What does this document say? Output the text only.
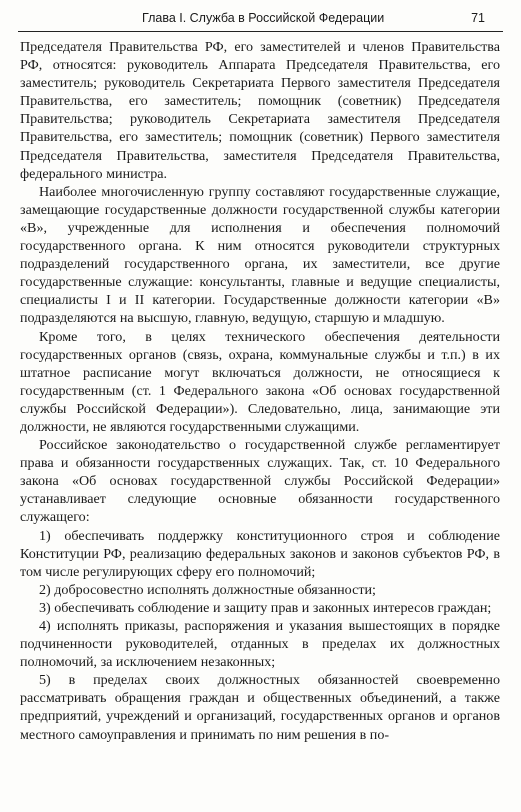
Глава I. Служба в Российской Федерации	71

Председателя Правительства РФ, его заместителей и членов Правительства РФ, относятся: руководитель Аппарата Председателя Правительства, его заместитель; руководитель Секретариата Первого заместителя Председателя Правительства, его заместитель; помощник (советник) Председателя Правительства; руководитель Секретариата заместителя Председателя Правительства, его заместитель; помощник (советник) Первого заместителя Председателя Правительства, заместителя Председателя Правительства, федерального министра.

Наиболее многочисленную группу составляют государственные служащие, замещающие государственные должности государственной службы категории «В», учрежденные для исполнения и обеспечения полномочий государственного органа. К ним относятся руководители структурных подразделений государственного органа, их заместители, все другие государственные служащие: консультанты, главные и ведущие специалисты, специалисты I и II категории. Государственные должности категории «В» подразделяются на высшую, главную, ведущую, старшую и младшую.

Кроме того, в целях технического обеспечения деятельности государственных органов (связь, охрана, коммунальные службы и т.п.) в их штатное расписание могут включаться должности, не относящиеся к государственным (ст. 1 Федерального закона «Об основах государственной службы Российской Федерации»). Следовательно, лица, занимающие эти должности, не являются государственными служащими.

Российское законодательство о государственной службе регламентирует права и обязанности государственных служащих. Так, ст. 10 Федерального закона «Об основах государственной службы Российской Федерации» устанавливает следующие основные обязанности государственного служащего:

1) обеспечивать поддержку конституционного строя и соблюдение Конституции РФ, реализацию федеральных законов и законов субъектов РФ, в том числе регулирующих сферу его полномочий;

2) добросовестно исполнять должностные обязанности;

3) обеспечивать соблюдение и защиту прав и законных интересов граждан;

4) исполнять приказы, распоряжения и указания вышестоящих в порядке подчиненности руководителей, отданных в пределах их должностных полномочий, за исключением незаконных;

5) в пределах своих должностных обязанностей своевременно рассматривать обращения граждан и общественных объединений, а также предприятий, учреждений и организаций, государственных органов и органов местного самоуправления и принимать по ним решения в по-
